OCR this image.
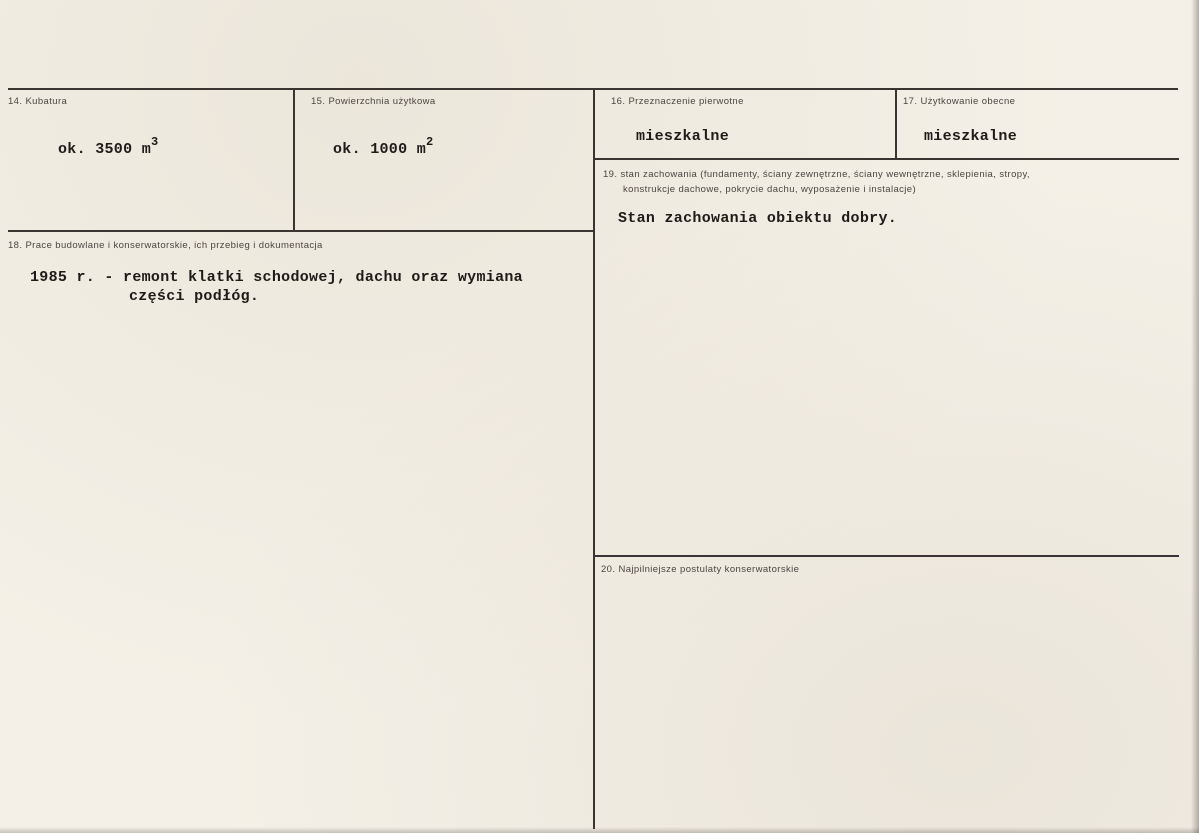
14. Kubatura
ok. 3500 $m^3$
15. Powierzchnia użytkowa
ok. 1000 $m^2$
16. Przeznaczenie pierwotne
mieszkalne
17. Użytkowanie obecne
mieszkalne
18. Prace budowlane i konserwatorskie, ich przebieg i dokumentacja
1985 r. - remont klatki schodowej, dachu oraz wymiana
części podłóg.
19. stan zachowania (fundamenty, ściany zewnętrzne, ściany wewnętrzne, sklepienia, stropy,
konstrukcje dachowe, pokrycie dachu, wyposażenie i instalacje)
Stan zachowania obiektu dobry.
20. Najpilniejsze postulaty konserwatorskie
